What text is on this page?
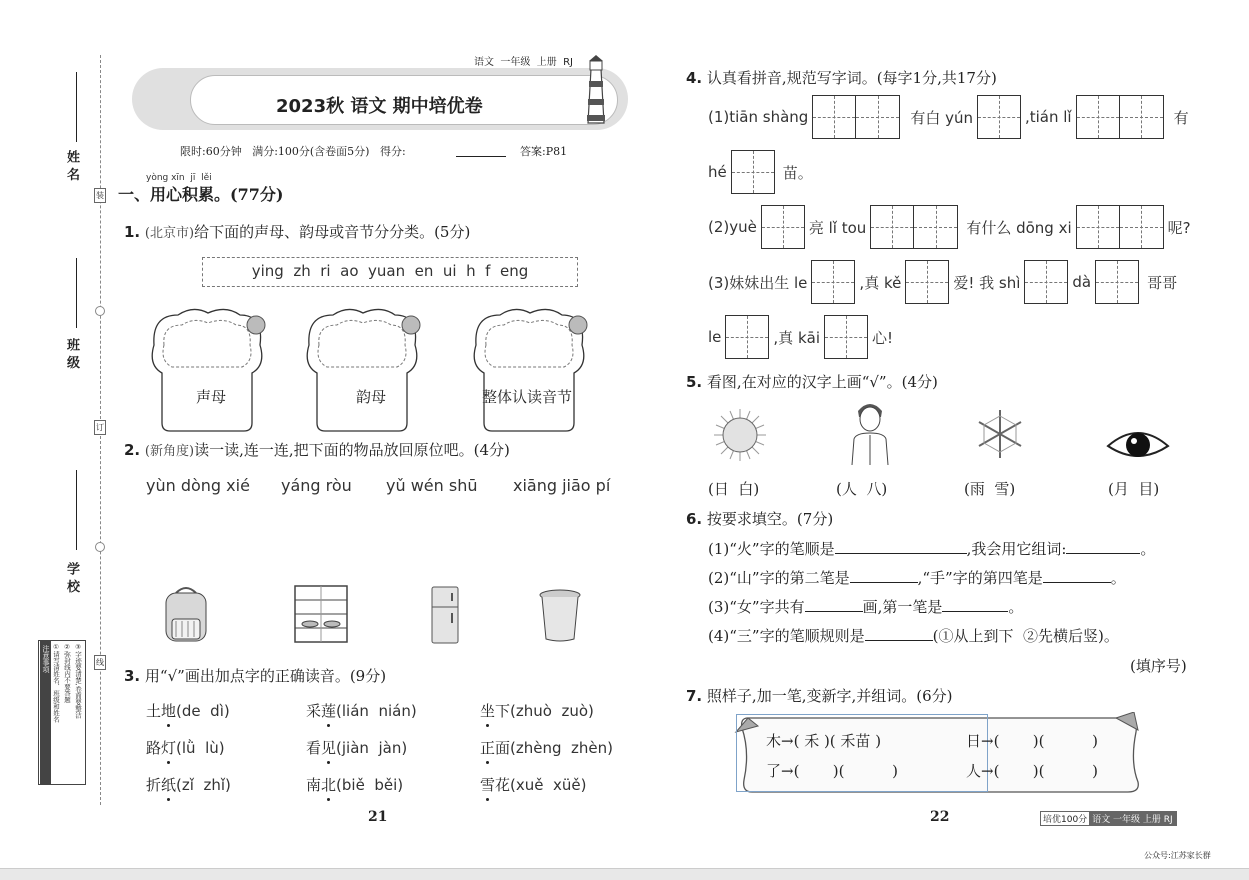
姓 名
班 级
学 校
装
订
线
注意事项 ①请写清姓名、班级和姓名 ②弥封线内不要答题 ③字迹要清楚,卷面要整洁
语文  一年级  上册  RJ
2023秋 语文 期中培优卷
限时:60分钟   满分:100分(含卷面5分)   得分:	答案:P81
yòng xīn  jī  lěi
一、用心积累。(77分)
1. (北京市)给下面的声母、韵母或音节分分类。(5分)
ying  zh  ri  ao  yuan  en  ui  h  f  eng
声母	韵母	整体认读音节
2. (新角度)读一读,连一连,把下面的物品放回原位吧。(4分)
yùn dòng xié yáng ròu yǔ wén shū xiāng jiāo pí
3. 用“√”画出加点字的正确读音。(9分)
土地(de  dì)	采莲(lián  nián)	坐下(zhuò  zuò)
路灯(lǜ  lù)	看见(jiàn  jàn)	正面(zhèng  zhèn)
折纸(zǐ  zhǐ)	南北(biě  běi)	雪花(xuě  xüě)
21
4. 认真看拼音,规范写字词。(每字1分,共17分)
(1)tiān shàng	有白 yún	,tián lǐ	有
hé	苗。
(2)yuè	亮 lǐ tou	有什么 dōng xi	呢?
(3)妹妹出生 le	,真 kě	爱! 我 shì	dà	哥哥
le	,真 kāi	心!
5. 看图,在对应的汉字上画“√”。(4分)
(日  白)	(人  八)	(雨  雪)	(月  目)
6. 按要求填空。(7分)
(1)“火”字的笔顺是	,我会用它组词:	。
(2)“山”字的第二笔是	,“手”字的第四笔是	。
(3)“女”字共有	画,第一笔是	。
(4)“三”字的笔顺规则是	(①从上到下  ②先横后竖)。
(填序号)
7. 照样子,加一笔,变新字,并组词。(6分)
木→( 禾 )( 禾苗 )	日→(       )(          )
了→(       )(          )	人→(       )(          )
22	培优100分 语文 一年级 上册 RJ
公众号:江苏家长群
